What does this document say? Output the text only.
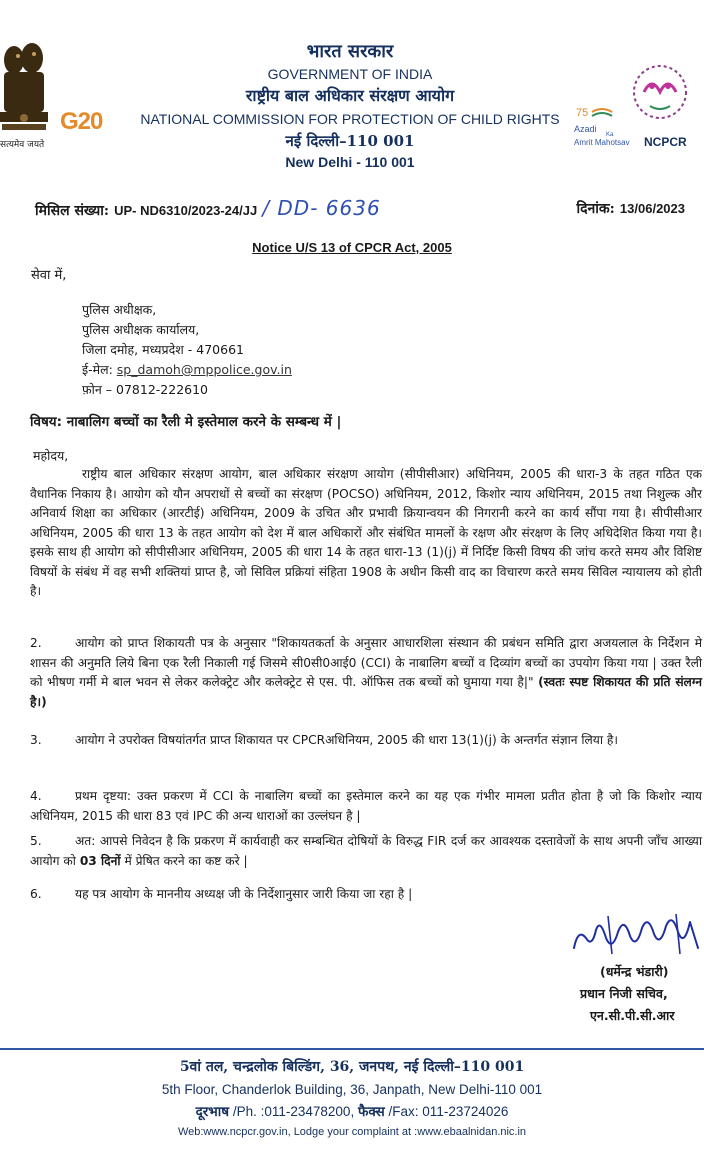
सत्यमेव जयते
G20
भारत सरकार
GOVERNMENT OF INDIA
राष्ट्रीय बाल अधिकार संरक्षण आयोग
NATIONAL COMMISSION FOR PROTECTION OF CHILD RIGHTS
नई दिल्ली–110 001
New Delhi - 110 001
75
Azadi
Ka
Amrit Mahotsav NCPCR
मिसिल संख्या: UP- ND6310/2023-24/JJ / DD- 6636	दिनांक: 13/06/2023
Notice U/S 13 of CPCR Act, 2005
सेवा में,
पुलिस अधीक्षक,
पुलिस अधीक्षक कार्यालय,
जिला दमोह, मध्यप्रदेश - 470661
ई-मेल: sp_damoh@mppolice.gov.in
फ़ोन – 07812-222610
विषय: नाबालिग बच्चों का रैली मे इस्तेमाल करने के सम्बन्ध में |
महोदय,
राष्ट्रीय बाल अधिकार संरक्षण आयोग, बाल अधिकार संरक्षण आयोग (सीपीसीआर) अधिनियम, 2005 की धारा-3 के तहत गठित एक वैधानिक निकाय है। आयोग को यौन अपराधों से बच्चों का संरक्षण (POCSO) अधिनियम, 2012, किशोर न्याय अधिनियम, 2015 तथा निशुल्क और अनिवार्य शिक्षा का अधिकार (आरटीई) अधिनियम, 2009 के उचित और प्रभावी क्रियान्वयन की निगरानी करने का कार्य सौंपा गया है। सीपीसीआर अधिनियम, 2005 की धारा 13 के तहत आयोग को देश में बाल अधिकारों और संबंधित मामलों के रक्षण और संरक्षण के लिए अधिदेशित किया गया है। इसके साथ ही आयोग को सीपीसीआर अधिनियम, 2005 की धारा 14 के तहत धारा-13 (1)(j) में निर्दिष्ट किसी विषय की जांच करते समय और विशिष्ट विषयों के संबंध में वह सभी शक्तियां प्राप्त है, जो सिविल प्रक्रियां संहिता 1908 के अधीन किसी वाद का विचारण करते समय सिविल न्यायालय को होती है।
2.	आयोग को प्राप्त शिकायती पत्र के अनुसार "शिकायतकर्ता के अनुसार आधारशिला संस्थान की प्रबंधन समिति द्वारा अजयलाल के निर्देशन मे शासन की अनुमति लिये बिना एक रैली निकाली गई जिसमे सी0सी0आई0 (CCI) के नाबालिग बच्चों व दिव्यांग बच्चों का उपयोग किया गया | उक्त रैली को भीषण गर्मी मे बाल भवन से लेकर कलेक्ट्रेट और कलेक्ट्रेट से एस. पी. ऑफिस तक बच्चों को घुमाया गया है|" (स्वतः स्पष्ट शिकायत की प्रति संलग्न है।)
3.	आयोग ने उपरोक्त विषयांतर्गत प्राप्त शिकायत पर CPCRअधिनियम, 2005 की धारा 13(1)(j) के अन्तर्गत संज्ञान लिया है।
4.	प्रथम दृष्टया: उक्त प्रकरण में CCI के नाबालिग बच्चों का इस्तेमाल करने का यह एक गंभीर मामला प्रतीत होता है जो कि किशोर न्याय अधिनियम, 2015 की धारा 83 एवं IPC की अन्य धाराओं का उल्लंघन है |
5.	अत: आपसे निवेदन है कि प्रकरण में कार्यवाही कर सम्बन्धित दोषियों के विरुद्ध FIR दर्ज कर आवश्यक दस्तावेजों के साथ अपनी जाँच आख्या आयोग को 03 दिनों में प्रेषित करने का कष्ट करे |
6.	यह पत्र आयोग के माननीय अध्यक्ष जी के निर्देशानुसार जारी किया जा रहा है |
(धर्मेन्द्र भंडारी)
प्रधान निजी सचिव,
एन.सी.पी.सी.आर
5वां तल, चन्द्रलोक बिल्डिंग, 36, जनपथ, नई दिल्ली–110 001
5th Floor, Chanderlok Building, 36, Janpath, New Delhi-110 001
दूरभाष /Ph. :011-23478200, फैक्स /Fax: 011-23724026
Web:www.ncpcr.gov.in, Lodge your complaint at :www.ebaalnidan.nic.in
